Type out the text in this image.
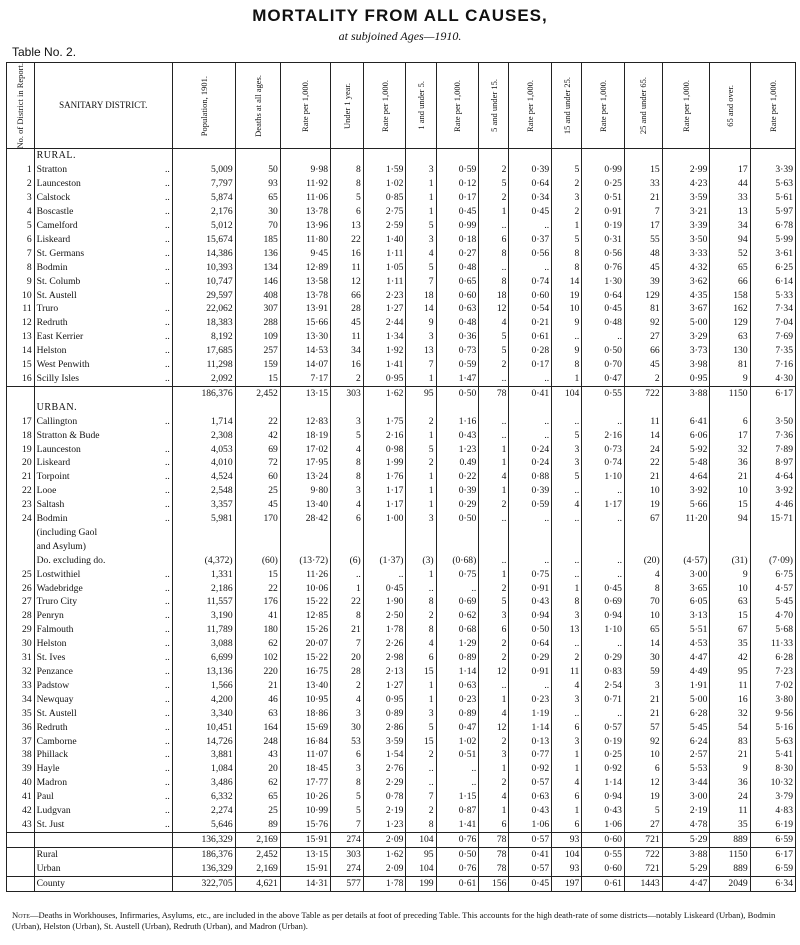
MORTALITY FROM ALL CAUSES,
at subjoined Ages—1910.
Table No. 2.
No. of District in Report.	SANITARY DISTRICT.	Population, 1901.	Deaths at all ages.	Rate per 1,000.	Under 1 year.	Rate per 1,000.	1 and under 5.	Rate per 1,000.	5 and under 15.	Rate per 1,000.	15 and under 25.	Rate per 1,000.	25 and under 65.	Rate per 1,000.	65 and over.	Rate per 1,000.

	RURAL.															
1	Stratton ..	5,009	50	9·98	8	1·59	3	0·59	2	0·39	5	0·99	15	2·99	17	3·39
2	Launceston ..	7,797	93	11·92	8	1·02	1	0·12	5	0·64	2	0·25	33	4·23	44	5·63
3	Calstock ..	5,874	65	11·06	5	0·85	1	0·17	2	0·34	3	0·51	21	3·59	33	5·61
4	Boscastle ..	2,176	30	13·78	6	2·75	1	0·45	1	0·45	2	0·91	7	3·21	13	5·97
5	Camelford ..	5,012	70	13·96	13	2·59	5	0·99	..	..	1	0·19	17	3·39	34	6·78
6	Liskeard ..	15,674	185	11·80	22	1·40	3	0·18	6	0·37	5	0·31	55	3·50	94	5·99
7	St. Germans ..	14,386	136	9·45	16	1·11	4	0·27	8	0·56	8	0·56	48	3·33	52	3·61
8	Bodmin ..	10,393	134	12·89	11	1·05	5	0·48	..	..	8	0·76	45	4·32	65	6·25
9	St. Columb ..	10,747	146	13·58	12	1·11	7	0·65	8	0·74	14	1·30	39	3·62	66	6·14
10	St. Austell	29,597	408	13·78	66	2·23	18	0·60	18	0·60	19	0·64	129	4·35	158	5·33
11	Truro ..	22,062	307	13·91	28	1·27	14	0·63	12	0·54	10	0·45	81	3·67	162	7·34
12	Redruth ..	18,383	288	15·66	45	2·44	9	0·48	4	0·21	9	0·48	92	5·00	129	7·04
13	East Kerrier ..	8,192	109	13·30	11	1·34	3	0·36	5	0·61	..	..	27	3·29	63	7·69
14	Helston ..	17,685	257	14·53	34	1·92	13	0·73	5	0·28	9	0·50	66	3·73	130	7·35
15	West Penwith ..	11,298	159	14·07	16	1·41	7	0·59	2	0·17	8	0·70	45	3·98	81	7·16
16	Scilly Isles ..	2,092	15	7·17	2	0·95	1	1·47	..	..	1	0·47	2	0·95	9	4·30
		186,376	2,452	13·15	303	1·62	95	0·50	78	0·41	104	0·55	722	3·88	1150	6·17
	URBAN.															
17	Callington ..	1,714	22	12·83	3	1·75	2	1·16	..	..	..	..	11	6·41	6	3·50
18	Stratton & Bude	2,308	42	18·19	5	2·16	1	0·43	..	..	5	2·16	14	6·06	17	7·36
19	Launceston ..	4,053	69	17·02	4	0·98	5	1·23	1	0·24	3	0·73	24	5·92	32	7·89
20	Liskeard ..	4,010	72	17·95	8	1·99	2	0.49	1	0·24	3	0·74	22	5·48	36	8·97
21	Torpoint ..	4,524	60	13·24	8	1·76	1	0·22	4	0·88	5	1·10	21	4·64	21	4·64
22	Looe ..	2,548	25	9·80	3	1·17	1	0·39	1	0·39	..	..	10	3·92	10	3·92
23	Saltash ..	3,357	45	13·40	4	1·17	1	0·29	2	0·59	4	1·17	19	5·66	15	4·46
24	Bodmin ..	5,981	170	28·42	6	1·00	3	0·50	..	..	..	..	67	11·20	94	15·71
	(including Gaol															
	and Asylum)															
	Do. excluding do.	(4,372)	(60)	(13·72)	(6)	(1·37)	(3)	(0·68)	..	..	..	..	(20)	(4·57)	(31)	(7·09)
25	Lostwithiel ..	1,331	15	11·26	..	..	1	0·75	1	0·75	..	..	4	3·00	9	6·75
26	Wadebridge ..	2,186	22	10·06	1	0·45	..	..	2	0·91	1	0·45	8	3·65	10	4·57
27	Truro City ..	11,557	176	15·22	22	1·90	8	0·69	5	0·43	8	0·69	70	6·05	63	5·45
28	Penryn ..	3,190	41	12·85	8	2·50	2	0·62	3	0·94	3	0·94	10	3·13	15	4·70
29	Falmouth ..	11,789	180	15·26	21	1·78	8	0·68	6	0·50	13	1·10	65	5·51	67	5·68
30	Helston ..	3,088	62	20·07	7	2·26	4	1·29	2	0·64	..	..	14	4·53	35	11·33
31	St. Ives ..	6,699	102	15·22	20	2·98	6	0·89	2	0·29	2	0·29	30	4·47	42	6·28
32	Penzance ..	13,136	220	16·75	28	2·13	15	1·14	12	0·91	11	0·83	59	4·49	95	7·23
33	Padstow ..	1,566	21	13·40	2	1·27	1	0·63	..	..	4	2·54	3	1·91	11	7·02
34	Newquay ..	4,200	46	10·95	4	0·95	1	0·23	1	0·23	3	0·71	21	5·00	16	3·80
35	St. Austell ..	3,340	63	18·86	3	0·89	3	0·89	4	1·19	..	..	21	6·28	32	9·56
36	Redruth ..	10,451	164	15·69	30	2·86	5	0·47	12	1·14	6	0·57	57	5·45	54	5·16
37	Camborne ..	14,726	248	16·84	53	3·59	15	1·02	2	0·13	3	0·19	92	6·24	83	5·63
38	Phillack ..	3,881	43	11·07	6	1·54	2	0·51	3	0·77	1	0·25	10	2·57	21	5·41
39	Hayle ..	1,084	20	18·45	3	2·76	..	..	1	0·92	1	0·92	6	5·53	9	8·30
40	Madron ..	3,486	62	17·77	8	2·29	..	..	2	0·57	4	1·14	12	3·44	36	10·32
41	Paul ..	6,332	65	10·26	5	0·78	7	1·15	4	0·63	6	0·94	19	3·00	24	3·79
42	Ludgvan ..	2,274	25	10·99	5	2·19	2	0·87	1	0·43	1	0·43	5	2·19	11	4·83
43	St. Just ..	5,646	89	15·76	7	1·23	8	1·41	6	1·06	6	1·06	27	4·78	35	6·19
		136,329	2,169	15·91	274	2·09	104	0·76	78	0·57	93	0·60	721	5·29	889	6·59
	Rural	186,376	2,452	13·15	303	1·62	95	0·50	78	0·41	104	0·55	722	3·88	1150	6·17
	Urban	136,329	2,169	15·91	274	2·09	104	0·76	78	0·57	93	0·60	721	5·29	889	6·59
	County	322,705	4,621	14·31	577	1·78	199	0·61	156	0·45	197	0·61	1443	4·47	2049	6·34
Note—Deaths in Workhouses, Infirmaries, Asylums, etc., are included in the above Table as per details at foot of preceding Table. This accounts for the high death-rate of some districts—notably Liskeard (Urban), Bodmin (Urban), Helston (Urban), St. Austell (Urban), Redruth (Urban), and Madron (Urban).
